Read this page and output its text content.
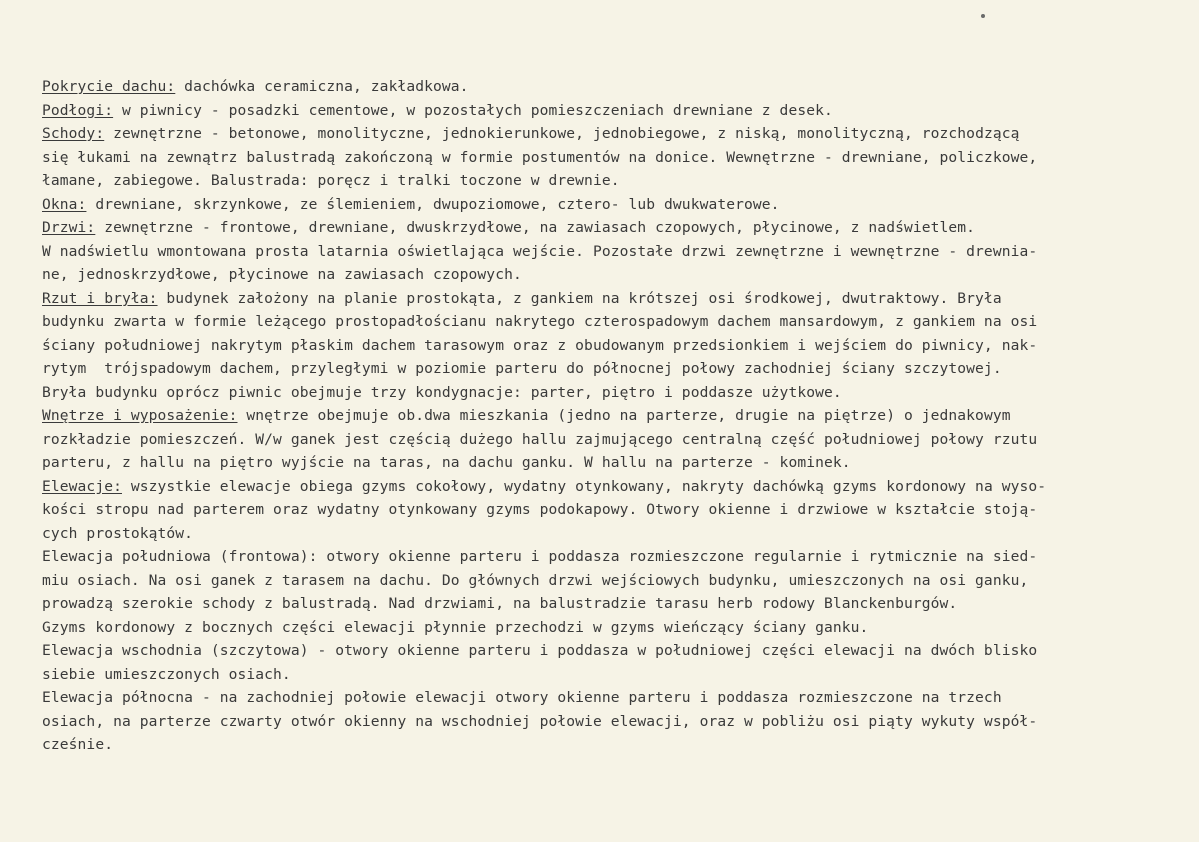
Pokrycie dachu: dachówka ceramiczna, zakładkowa.
Podłogi: w piwnicy - posadzki cementowe, w pozostałych pomieszczeniach drewniane z desek.
Schody: zewnętrzne - betonowe, monolityczne, jednokierunkowe, jednobiegowe, z niską, monolityczną, rozchodzącą
się łukami na zewnątrz balustradą zakończoną w formie postumentów na donice. Wewnętrzne - drewniane, policzkowe,
łamane, zabiegowe. Balustrada: poręcz i tralki toczone w drewnie.
Okna: drewniane, skrzynkowe, ze ślemieniem, dwupoziomowe, cztero- lub dwukwaterowe.
Drzwi: zewnętrzne - frontowe, drewniane, dwuskrzydłowe, na zawiasach czopowych, płycinowe, z nadświetlem.
W nadświetlu wmontowana prosta latarnia oświetlająca wejście. Pozostałe drzwi zewnętrzne i wewnętrzne - drewnia-
ne, jednoskrzydłowe, płycinowe na zawiasach czopowych.
Rzut i bryła: budynek założony na planie prostokąta, z gankiem na krótszej osi środkowej, dwutraktowy. Bryła
budynku zwarta w formie leżącego prostopadłościanu nakrytego czterospadowym dachem mansardowym, z gankiem na osi
ściany południowej nakrytym płaskim dachem tarasowym oraz z obudowanym przedsionkiem i wejściem do piwnicy, nak-
rytym  trójspadowym dachem, przyległymi w poziomie parteru do północnej połowy zachodniej ściany szczytowej.
Bryła budynku oprócz piwnic obejmuje trzy kondygnacje: parter, piętro i poddasze użytkowe.
Wnętrze i wyposażenie: wnętrze obejmuje ob.dwa mieszkania (jedno na parterze, drugie na piętrze) o jednakowym
rozkładzie pomieszczeń. W/w ganek jest częścią dużego hallu zajmującego centralną część południowej połowy rzutu
parteru, z hallu na piętro wyjście na taras, na dachu ganku. W hallu na parterze - kominek.
Elewacje: wszystkie elewacje obiega gzyms cokołowy, wydatny otynkowany, nakryty dachówką gzyms kordonowy na wyso-
kości stropu nad parterem oraz wydatny otynkowany gzyms podokapowy. Otwory okienne i drzwiowe w kształcie stoją-
cych prostokątów.
Elewacja południowa (frontowa): otwory okienne parteru i poddasza rozmieszczone regularnie i rytmicznie na sied-
miu osiach. Na osi ganek z tarasem na dachu. Do głównych drzwi wejściowych budynku, umieszczonych na osi ganku,
prowadzą szerokie schody z balustradą. Nad drzwiami, na balustradzie tarasu herb rodowy Blanckenburgów.
Gzyms kordonowy z bocznych części elewacji płynnie przechodzi w gzyms wieńczący ściany ganku.
Elewacja wschodnia (szczytowa) - otwory okienne parteru i poddasza w południowej części elewacji na dwóch blisko
siebie umieszczonych osiach.
Elewacja północna - na zachodniej połowie elewacji otwory okienne parteru i poddasza rozmieszczone na trzech
osiach, na parterze czwarty otwór okienny na wschodniej połowie elewacji, oraz w pobliżu osi piąty wykuty współ-
cześnie.
